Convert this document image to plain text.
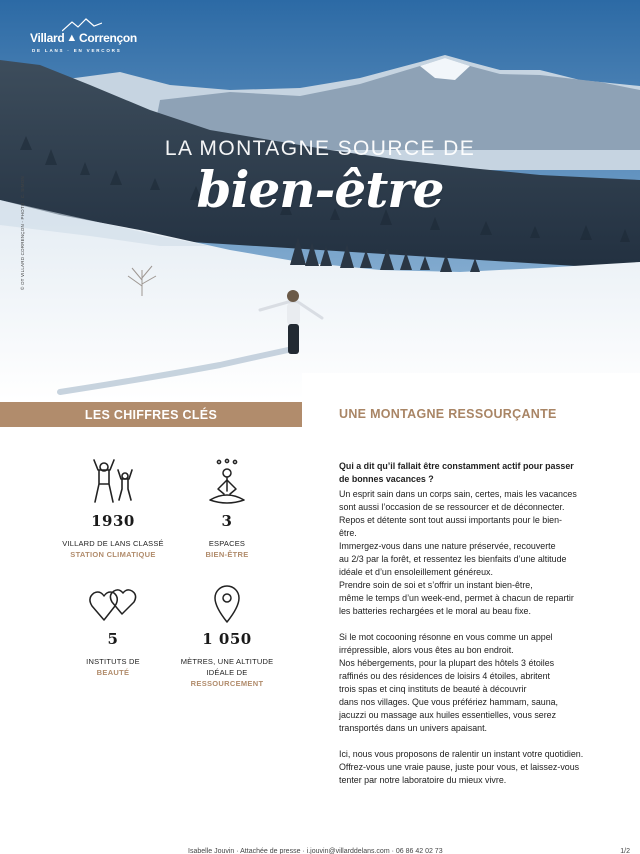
Villard ▲ Corrençon
DE LANS · EN VERCORS
LA MONTAGNE SOURCE DE
bien-être
© OT VILLARD CORRENÇON - PHOTO : C. SIMON
LES CHIFFRES CLÉS
1930
VILLARD DE LANS CLASSÉ
STATION CLIMATIQUE
3
ESPACES
BIEN-ÊTRE
5
INSTITUTS DE
BEAUTÉ
1 050
MÈTRES, UNE ALTITUDE
IDÉALE DE
RESSOURCEMENT
UNE MONTAGNE RESSOURÇANTE

Qui a dit qu’il fallait être constamment actif pour passer

de bonnes vacances ?

Un esprit sain dans un corps sain, certes, mais les vacances

sont aussi l’occasion de se ressourcer et de déconnecter.

Repos et détente sont tout aussi importants pour le bien-

être.

Immergez-vous dans une nature préservée, recouverte

au 2/3 par la forêt, et ressentez les bienfaits d’une altitude

idéale et d’un ensoleillement généreux.

Prendre soin de soi et s’offrir un instant bien-être,

même le temps d’un week-end, permet à chacun de repartir

les batteries rechargées et le moral au beau fixe.

Si le mot cocooning résonne en vous comme un appel

irrépressible, alors vous êtes au bon endroit.

Nos hébergements, pour la plupart des hôtels 3 étoiles

raffinés ou des résidences de loisirs 4 étoiles, abritent

trois spas et cinq instituts de beauté à découvrir

dans nos villages. Que vous préfériez hammam, sauna,

jacuzzi ou massage aux huiles essentielles, vous serez

transportés dans un univers apaisant.

Ici, nous vous proposons de ralentir un instant votre quotidien.

Offrez-vous une vraie pause, juste pour vous, et laissez-vous

tenter par notre laboratoire du mieux vivre.

Isabelle Jouvin · Attachée de presse · i.jouvin@villarddelans.com · 06 86 42 02 73	1/2
